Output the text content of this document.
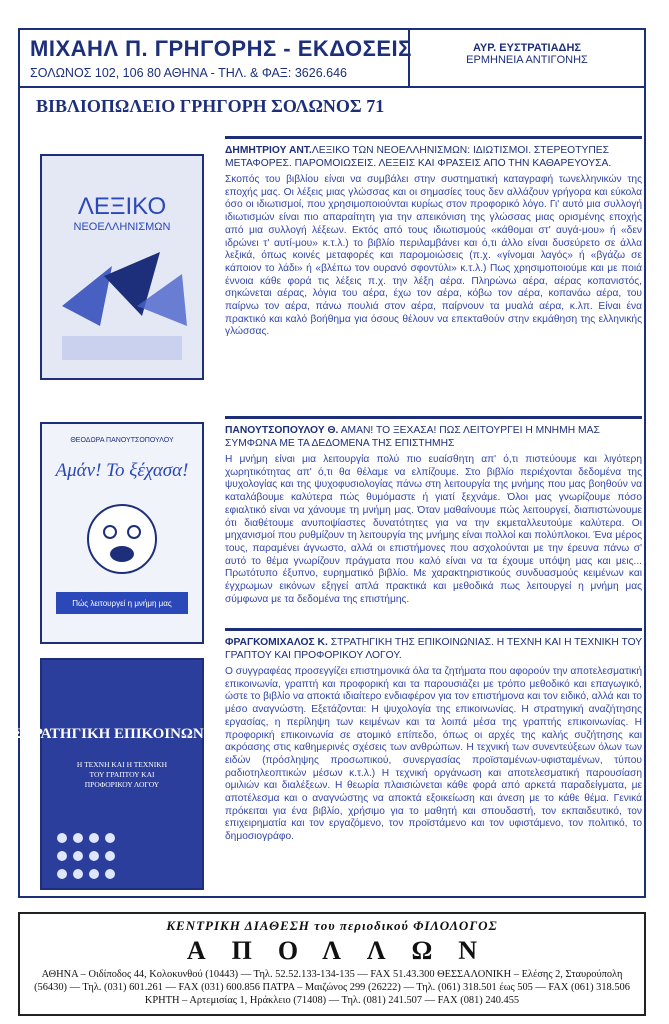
ΜΙΧΑΗΛ Π. ΓΡΗΓΟΡΗΣ - ΕΚΔΟΣΕΙΣ
ΣΟΛΩΝΟΣ 102, 106 80 ΑΘΗΝΑ - ΤΗΛ. & ΦΑΞ: 3626.646
ΑΥΡ. ΕΥΣΤΡΑΤΙΑΔΗΣ
ΕΡΜΗΝΕΙΑ ΑΝΤΙΓΟΝΗΣ
ΒΙΒΛΙΟΠΩΛΕΙΟ ΓΡΗΓΟΡΗ ΣΟΛΩΝΟΣ 71
ΛΕΞΙΚΟ
ΝΕΟΕΛΛΗΝΙΣΜΩΝ
ΔΗΜΗΤΡΙΟΥ ΑΝΤ.ΛΕΞΙΚΟ ΤΩΝ ΝΕΟΕΛΛΗΝΙΣΜΩΝ: ΙΔΙΩΤΙΣΜΟΙ. ΣΤΕΡΕΟΤΥΠΕΣ ΜΕΤΑΦΟΡΕΣ. ΠΑΡΟΜΟΙΩΣΕΙΣ. ΛΕΞΕΙΣ ΚΑΙ ΦΡΑΣΕΙΣ ΑΠΟ ΤΗΝ ΚΑΘΑΡΕΥΟΥΣΑ.
Σκοπός του βιβλίου είναι να συμβάλει στην συστηματική καταγραφή τωνελληνικών της εποχής μας. Οι λέξεις μιας γλώσσας και οι σημασίες τους δεν αλλάζουν γρήγορα και εύκολα όσο οι ιδιωτισμοί, που χρησιμοποιούνται κυρίως στον προφορικό λόγο. Γι' αυτό μια συλλογή ιδιωτισμών είναι πιο απαραίτητη για την απεικόνιση της γλώσσας μιας ορισμένης εποχής από μια συλλογή λέξεων. Εκτός από τους ιδιωτισμούς «κάθομαι στ' αυγά-μου» ή «δεν ιδρώνει τ' αυτί-μου» κ.τ.λ.) το βιβλίο περιλαμβάνει και ό,τι άλλο είναι δυσεύρετο σε άλλα λεξικά, όπως κοινές μεταφορές και παρομοιώσεις (π.χ. «γίνομαι λαγός» ή «βγάζω σε κάποιον το λάδι» ή «βλέπω τον ουρανό σφοντύλι» κ.τ.λ.) Πως χρησιμοποιούμε και με ποιά έννοια κάθε φορά τις λέξεις π.χ. την λέξη αέρα. Πληρώνω αέρα, αέρας κοπανιστός, σηκώνεται αέρας, λόγια του αέρα, έχω τον αέρα, κόβω τον αέρα, κοπανάω αέρα, του παίρνω τον αέρα, πάνω πουλιά στον αέρα, παίρνουν τα μυαλά αέρα, κ.λπ. Είναι ένα πρακτικό και καλό βοήθημα για όσους θέλουν να επεκταθούν στην εκμάθηση της ελληνικής γλώσσας.
ΘΕΟΔΩΡΑ ΠΑΝΟΥΤΣΟΠΟΥΛΟΥ
Αμάν! Το ξέχασα!
Πώς λειτουργεί η μνήμη μας
ΠΑΝΟΥΤΣΟΠΟΥΛΟΥ Θ. ΑΜΑΝ! ΤΟ ΞΕΧΑΣΑ! ΠΩΣ ΛΕΙΤΟΥΡΓΕΙ Η ΜΝΗΜΗ ΜΑΣ ΣΥΜΦΩΝΑ ΜΕ ΤΑ ΔΕΔΟΜΕΝΑ ΤΗΣ ΕΠΙΣΤΗΜΗΣ
Η μνήμη είναι μια λειτουργία πολύ πιο ευαίσθητη απ' ό,τι πιστεύουμε και λιγότερη χωρητικότητας απ' ό,τι θα θέλαμε να ελπίζουμε. Στο βιβλίο περιέχονται δεδομένα της ψυχολογίας και της ψυχοφυσιολογίας πάνω στη λειτουργία της μνήμης που μας βοηθούν να καταλάβουμε καλύτερα πώς θυμόμαστε ή γιατί ξεχνάμε. Όλοι μας γνωρίζουμε πόσο εφιαλτικό είναι να χάνουμε τη μνήμη μας. Όταν μαθαίνουμε πώς λειτουργεί, διαπιστώνουμε ότι διαθέτουμε ανυποψίαστες δυνατότητες για να την εκμεταλλευτούμε καλύτερα. Οι μηχανισμοί που ρυθμίζουν τη λειτουργία της μνήμης είναι πολλοί και πολύπλοκοι. Ένα μέρος τους, παραμένει άγνωστο, αλλά οι επιστήμονες που ασχολούνται με την έρευνα πάνω σ' αυτό το θέμα γνωρίζουν πράγματα που καλό είναι να τα έχουμε υπόψη μας και μεις... Πρωτότυπο έξυπνο, ευρηματικό βιβλίο. Με χαρακτηριστικούς συνδυασμούς κειμένων και έγχρωμων εικόνων εξηγεί απλά πρακτικά και μεθοδικά πως λειτουργεί η μνήμη μας σύμφωνα με τα δεδομένα της επιστήμης.
ΣΤΡΑΤΗΓΙΚΗ ΕΠΙΚΟΙΝΩΝΙΑΣ
Η ΤΕΧΝΗ ΚΑΙ Η ΤΕΧΝΙΚΗ ΤΟΥ ΓΡΑΠΤΟΥ ΚΑΙ ΠΡΟΦΟΡΙΚΟΥ ΛΟΓΟΥ
ΦΡΑΓΚΟΜΙΧΑΛΟΣ Κ. ΣΤΡΑΤΗΓΙΚΗ ΤΗΣ ΕΠΙΚΟΙΝΩΝΙΑΣ. Η ΤΕΧΝΗ ΚΑΙ Η ΤΕΧΝΙΚΗ ΤΟΥ ΓΡΑΠΤΟΥ ΚΑΙ ΠΡΟΦΟΡΙΚΟΥ ΛΟΓΟΥ.
Ο συγγραφέας προσεγγίζει επιστημονικά όλα τα ζητήματα που αφορούν την αποτελεσματική επικοινωνία, γραπτή και προφορική και τα παρουσιάζει με τρόπο μεθοδικό και επαγωγικό, ώστε το βιβλίο να αποκτά ιδιαίτερο ενδιαφέρον για τον επιστήμονα και τον ειδικό, αλλά και το μέσο αναγνώστη. Εξετάζονται: Η ψυχολογία της επικοινωνίας. Η στρατηγική αναζήτησης εργασίας, η περίληψη των κειμένων και τα λοιπά μέσα της γραπτής επικοινωνίας. Η προφορική επικοινωνία σε ατομικό επίπεδο, όπως οι αρχές της καλής συζήτησης και ακρόασης στις καθημερινές σχέσεις των ανθρώπων. Η τεχνική των συνεντεύξεων όλων των ειδών (πρόσληψης προσωπικού, συνεργασίας προϊσταμένων-υφισταμένων, τύπου ραδιοτηλεοπτικών μέσων κ.τ.λ.) Η τεχνική οργάνωση και αποτελεσματική παρουσίαση ομιλιών και διαλέξεων. Η θεωρία πλαισιώνεται κάθε φορά από αρκετά παραδείγματα, με αποτέλεσμα και ο αναγνώστης να αποκτά εξοικείωση και άνεση με το κάθε θέμα. Γενικά πρόκειται για ένα βιβλίο, χρήσιμο για το μαθητή και σπουδαστή, τον εκπαιδευτικό, τον επιχειρηματία και τον εργαζόμενο, τον προϊστάμενο και τον υφιστάμενο, τον πολιτικό, το δημοσιογράφο.
ΚΕΝΤΡΙΚΗ ΔΙΑΘΕΣΗ του περιοδικού ΦΙΛΟΛΟΓΟΣ
ΑΠΟΛΛΩΝ
ΑΘΗΝΑ – Οιδίποδος 44, Κολοκυνθού (10443) — Τηλ. 52.52.133-134-135 — FAX 51.43.300 ΘΕΣΣΑΛΟΝΙΚΗ – Ελέσης 2, Σταυρούπολη (56430) — Τηλ. (031) 601.261 — FAX (031) 600.856 ΠΑΤΡΑ – Μαιζώνος 299 (26222) — Τηλ. (061) 318.501 έως 505 — FAX (061) 318.506 ΚΡΗΤΗ – Αρτεμισίας 1, Ηράκλειο (71408) — Τηλ. (081) 241.507 — FAX (081) 240.455
